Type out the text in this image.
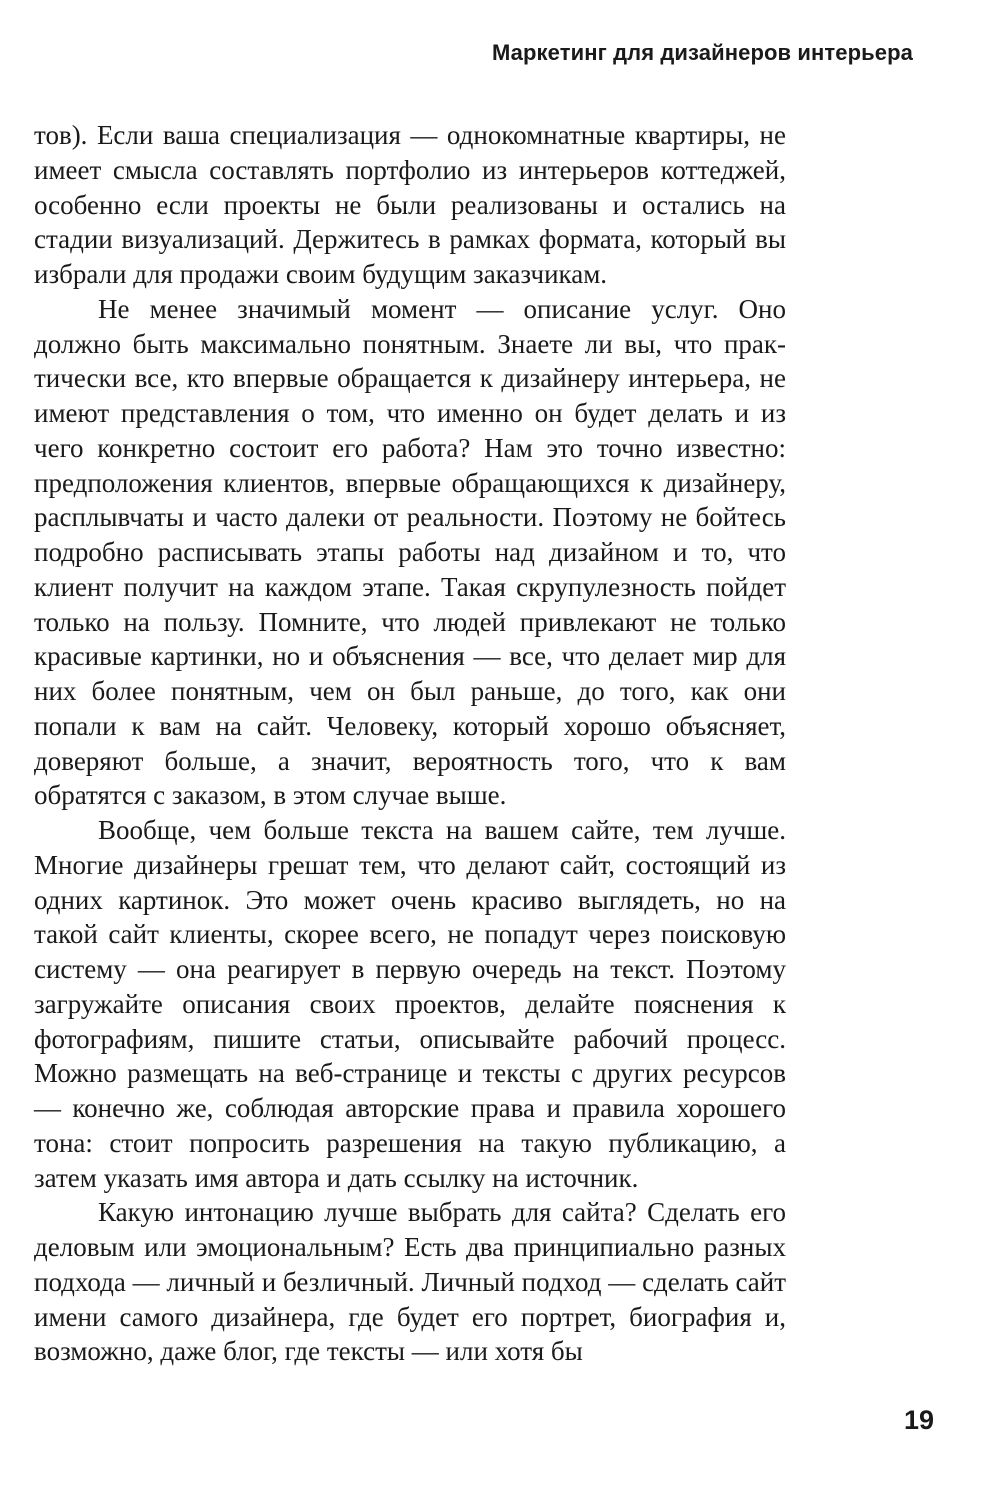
Маркетинг для дизайнеров интерьера

тов). Если ваша специализация — однокомнатные квартиры, не имеет смысла составлять портфолио из интерьеров коттеджей, особенно если проекты не были реализованы и остались на стадии визуализаций. Держитесь в рамках формата, который вы избрали для продажи своим будущим заказчикам.

Не менее значимый момент — описание услуг. Оно должно быть максимально понятным. Знаете ли вы, что практически все, кто впервые обращается к дизайнеру интерьера, не имеют представления о том, что именно он будет делать и из чего конкретно состоит его работа? Нам это точно известно: предположения клиентов, впервые обращающихся к дизайнеру, расплывчаты и часто далеки от реальности. Поэтому не бойтесь подробно расписывать этапы работы над дизайном и то, что клиент получит на каждом этапе. Такая скрупулезность пойдет только на пользу. Помните, что людей привлекают не только красивые картинки, но и объяснения — все, что делает мир для них более понятным, чем он был раньше, до того, как они попали к вам на сайт. Человеку, который хорошо объясняет, доверяют больше, а значит, вероятность того, что к вам обратятся с заказом, в этом случае выше.

Вообще, чем больше текста на вашем сайте, тем лучше. Многие дизайнеры грешат тем, что делают сайт, состоящий из одних картинок. Это может очень красиво выглядеть, но на такой сайт клиенты, скорее всего, не попадут через поисковую систему — она реагирует в первую очередь на текст. Поэтому загружайте описания своих проектов, делайте пояснения к фотографиям, пишите статьи, описывайте рабочий процесс. Можно размещать на веб-странице и тексты с других ресурсов — конечно же, соблюдая авторские права и правила хорошего тона: стоит попросить разрешения на такую публикацию, а затем указать имя автора и дать ссылку на источник.

Какую интонацию лучше выбрать для сайта? Сделать его деловым или эмоциональным? Есть два принципиально разных подхода — личный и безличный. Личный подход — сделать сайт имени самого дизайнера, где будет его портрет, биография и, возможно, даже блог, где тексты — или хотя бы

19
